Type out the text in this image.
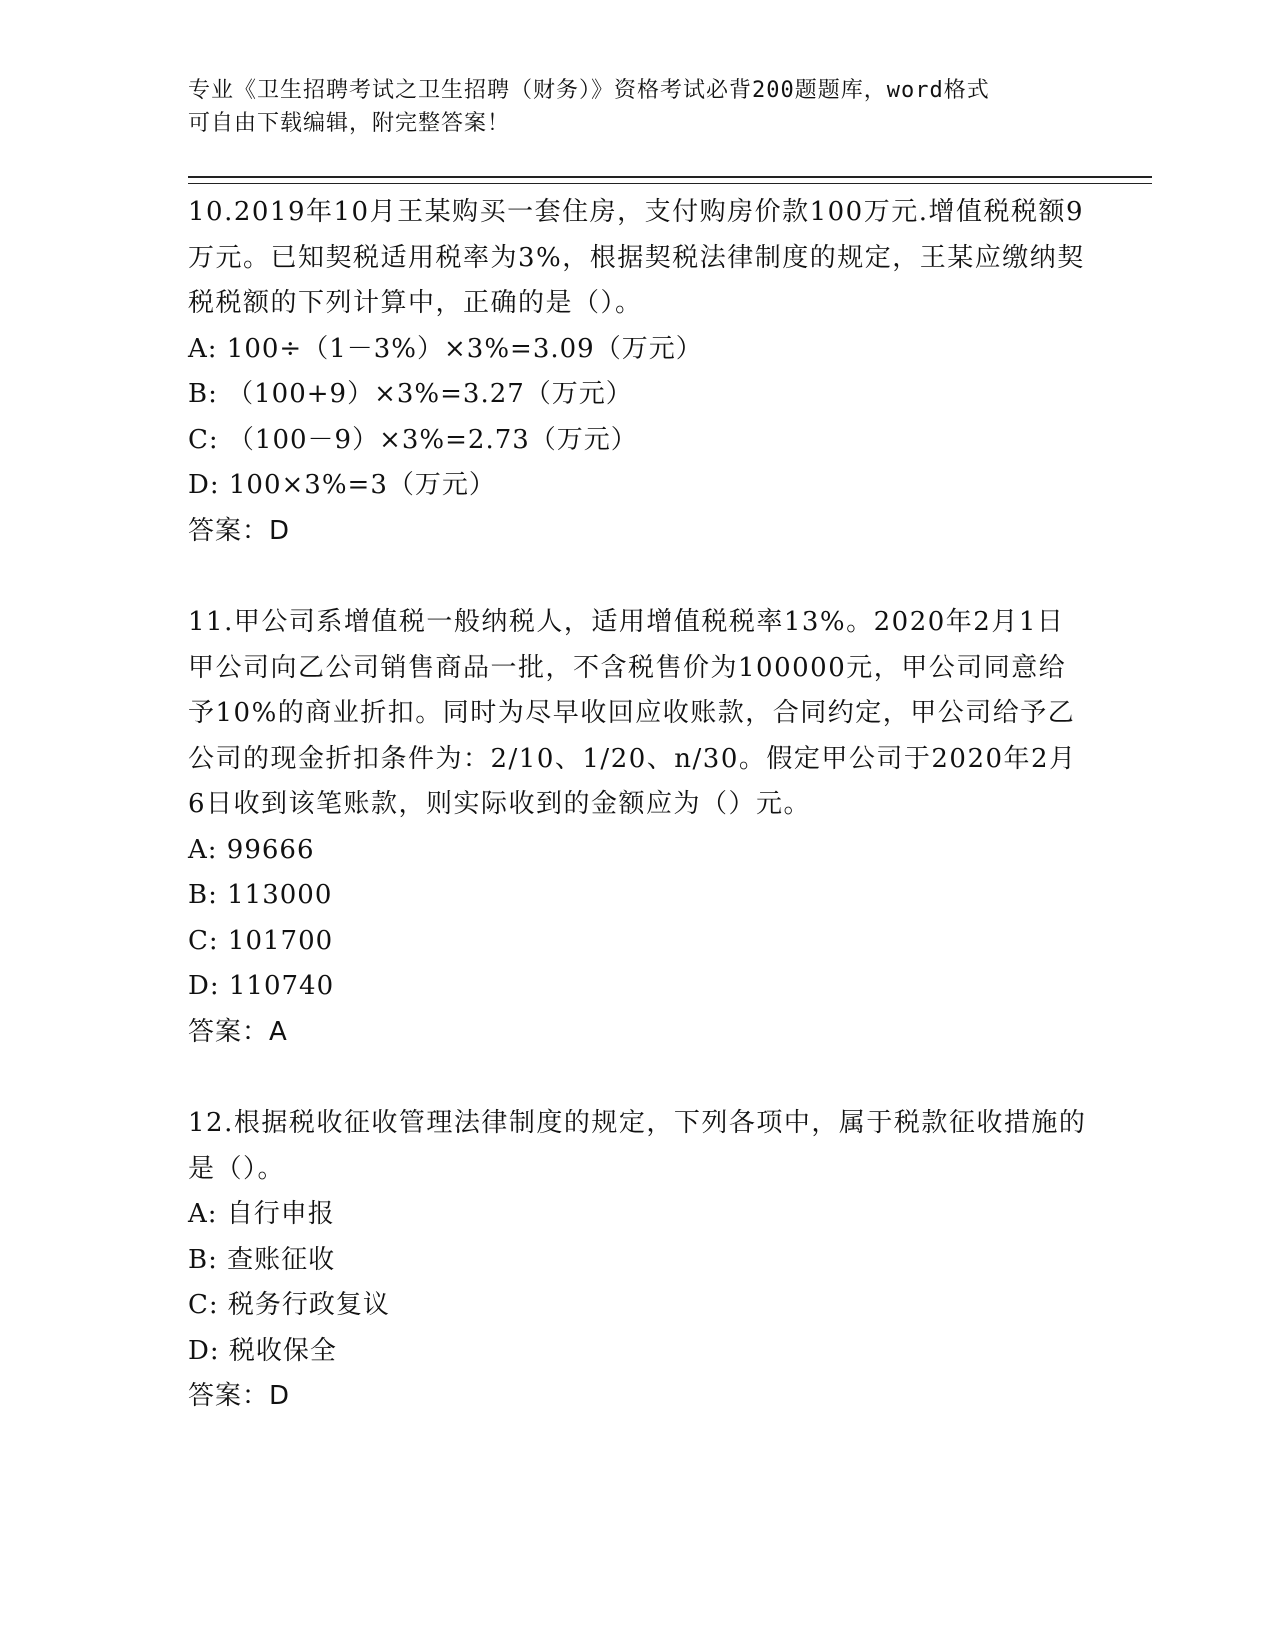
专业《卫生招聘考试之卫生招聘（财务）》资格考试必背200题题库，word格式
可自由下载编辑，附完整答案！
10.2019年10月王某购买一套住房，支付购房价款100万元.增值税税额9万元。已知契税适用税率为3%，根据契税法律制度的规定，王某应缴纳契税税额的下列计算中，正确的是（）。
A: 100÷（1－3%）×3%=3.09（万元）
B: （100+9）×3%=3.27（万元）
C: （100－9）×3%=2.73（万元）
D: 100×3%=3（万元）
答案：D
11.甲公司系增值税一般纳税人，适用增值税税率13%。2020年2月1日甲公司向乙公司销售商品一批，不含税售价为100000元，甲公司同意给予10%的商业折扣。同时为尽早收回应收账款，合同约定，甲公司给予乙公司的现金折扣条件为：2/10、1/20、n/30。假定甲公司于2020年2月6日收到该笔账款，则实际收到的金额应为（）元。
A: 99666
B: 113000
C: 101700
D: 110740
答案：A
12.根据税收征收管理法律制度的规定，下列各项中，属于税款征收措施的是（）。
A: 自行申报
B: 查账征收
C: 税务行政复议
D: 税收保全
答案：D
